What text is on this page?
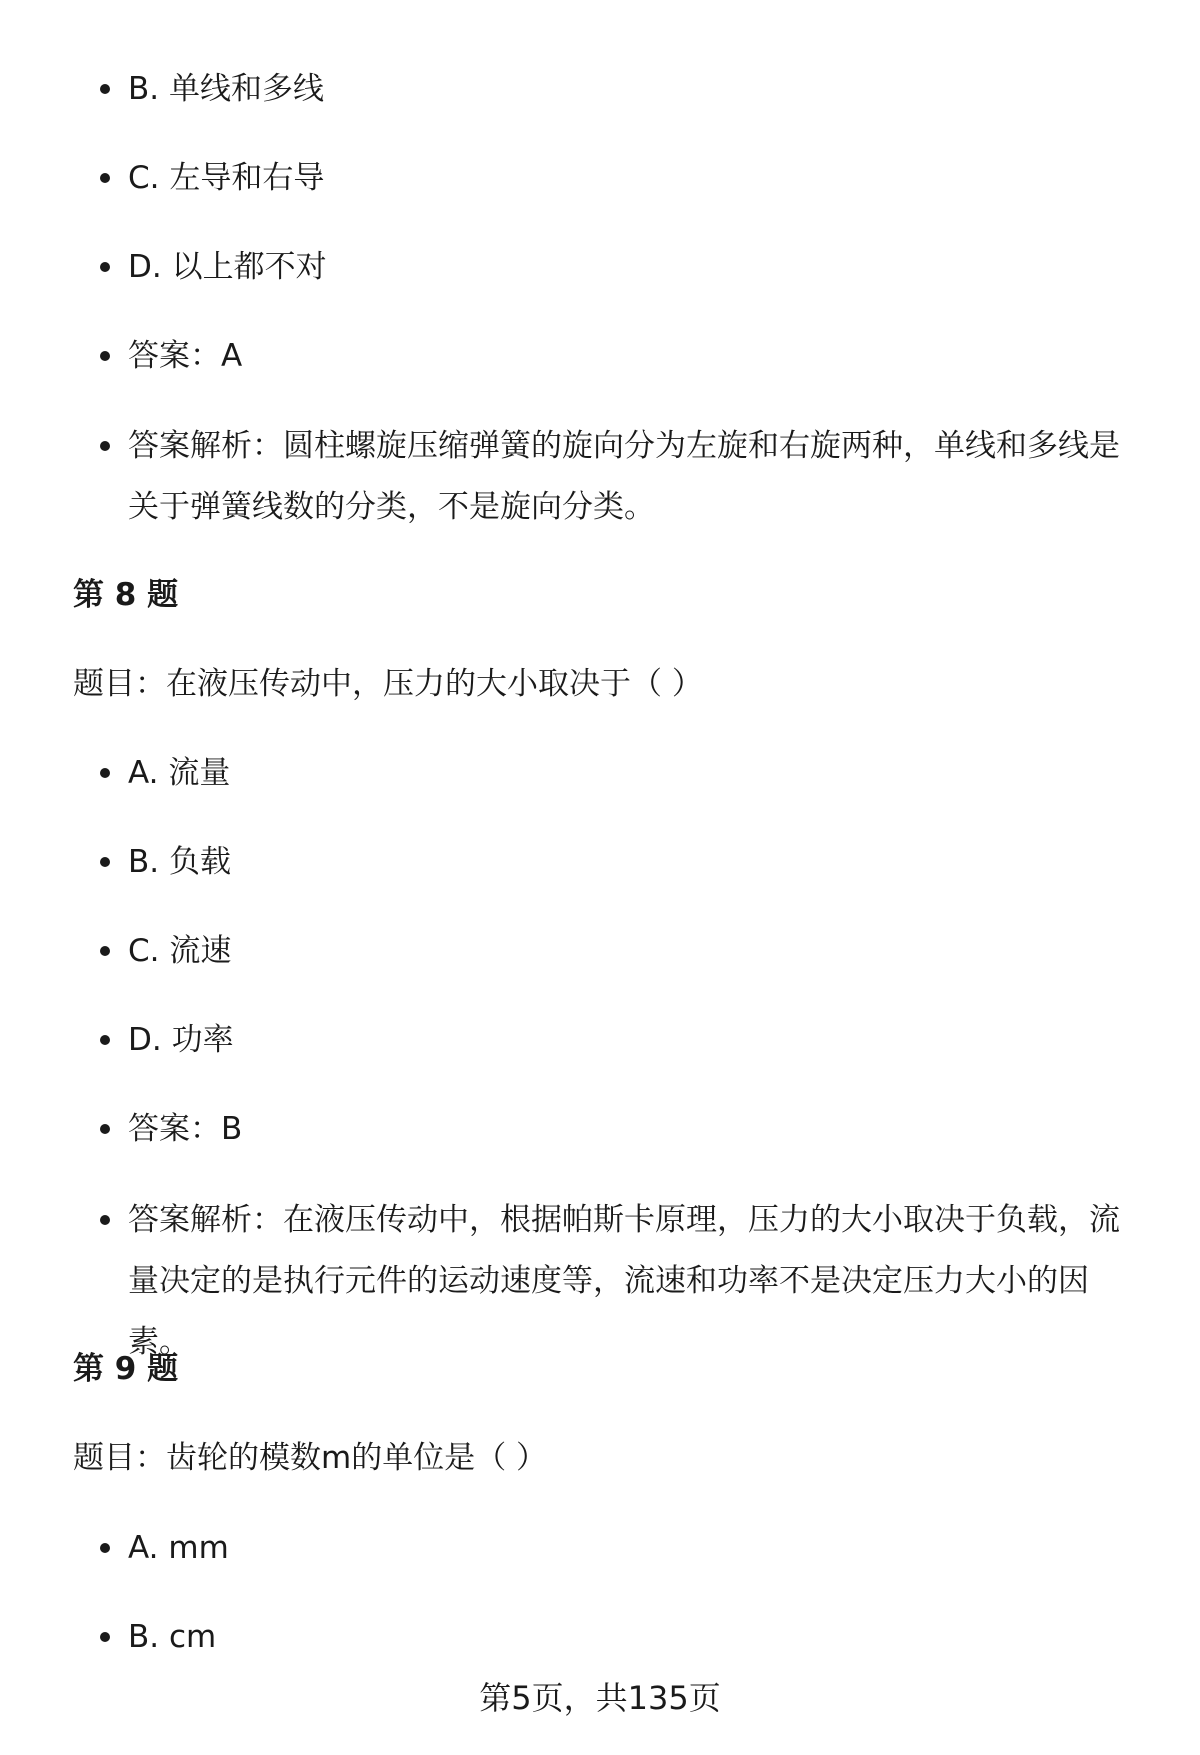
B. 单线和多线
C. 左导和右导
D. 以上都不对
答案：A
答案解析：圆柱螺旋压缩弹簧的旋向分为左旋和右旋两种，单线和多线是关于弹簧线数的分类，不是旋向分类。
第 8 题
题目：在液压传动中，压力的大小取决于（ ）
A. 流量
B. 负载
C. 流速
D. 功率
答案：B
答案解析：在液压传动中，根据帕斯卡原理，压力的大小取决于负载，流量决定的是执行元件的运动速度等，流速和功率不是决定压力大小的因素。
第 9 题
题目：齿轮的模数m的单位是（ ）
A. mm
B. cm
第5页，共135页
